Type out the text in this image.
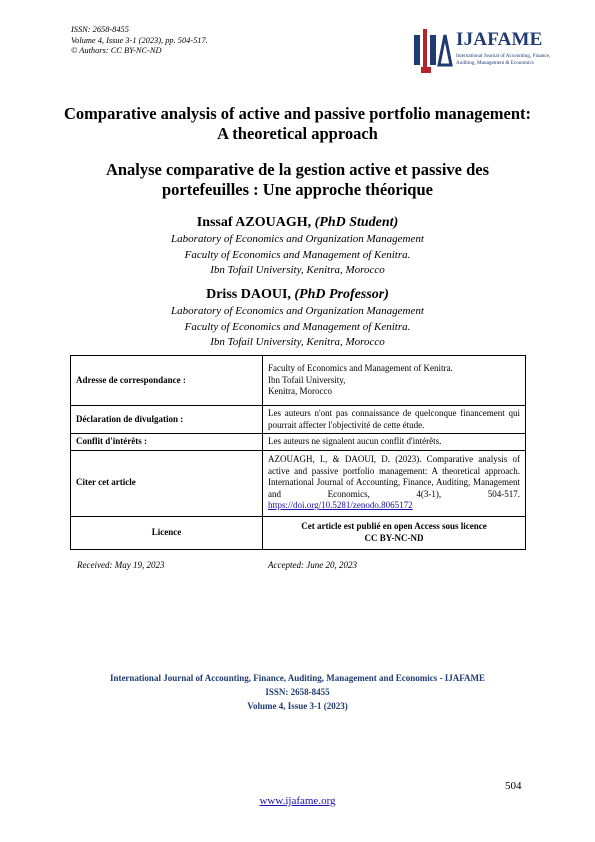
ISSN: 2658-8455
Volume 4, Issue 3-1 (2023), pp. 504-517.
© Authors: CC BY-NC-ND
IJAFAME
International Journal of Accounting, Finance, Auditing, Management & Economics
Comparative analysis of active and passive portfolio management:
A theoretical approach
Analyse comparative de la gestion active et passive des
portefeuilles : Une approche théorique
Inssaf AZOUAGH, (PhD Student)
Laboratory of Economics and Organization Management
Faculty of Economics and Management of Kenitra.
Ibn Tofail University, Kenitra, Morocco
Driss DAOUI, (PhD Professor)
Laboratory of Economics and Organization Management
Faculty of Economics and Management of Kenitra.
Ibn Tofail University, Kenitra, Morocco
Adresse de correspondance :	Faculty of Economics and Management of Kenitra.
Ibn Tofail University,
Kenitra, Morocco

Déclaration de divulgation :	Les auteurs n'ont pas connaissance de quelconque financement qui pourrait affecter l'objectivité de cette étude.
Conflit d'intérêts :	Les auteurs ne signalent aucun conflit d'intérêts.
Citer cet article	AZOUAGH, I., & DAOUI, D. (2023). Comparative analysis of active and passive portfolio management: A theoretical approach. International Journal of Accounting, Finance, Auditing, Management and Economics, 4(3-1), 504-517. https://doi.org/10.5281/zenodo.8065172
Licence	Cet article est publié en open Access sous licence
CC BY-NC-ND
Received: May 19, 2023	Accepted: June 20, 2023
International Journal of Accounting, Finance, Auditing, Management and Economics - IJAFAME
ISSN: 2658-8455
Volume 4, Issue 3-1 (2023)
504
www.ijafame.org
